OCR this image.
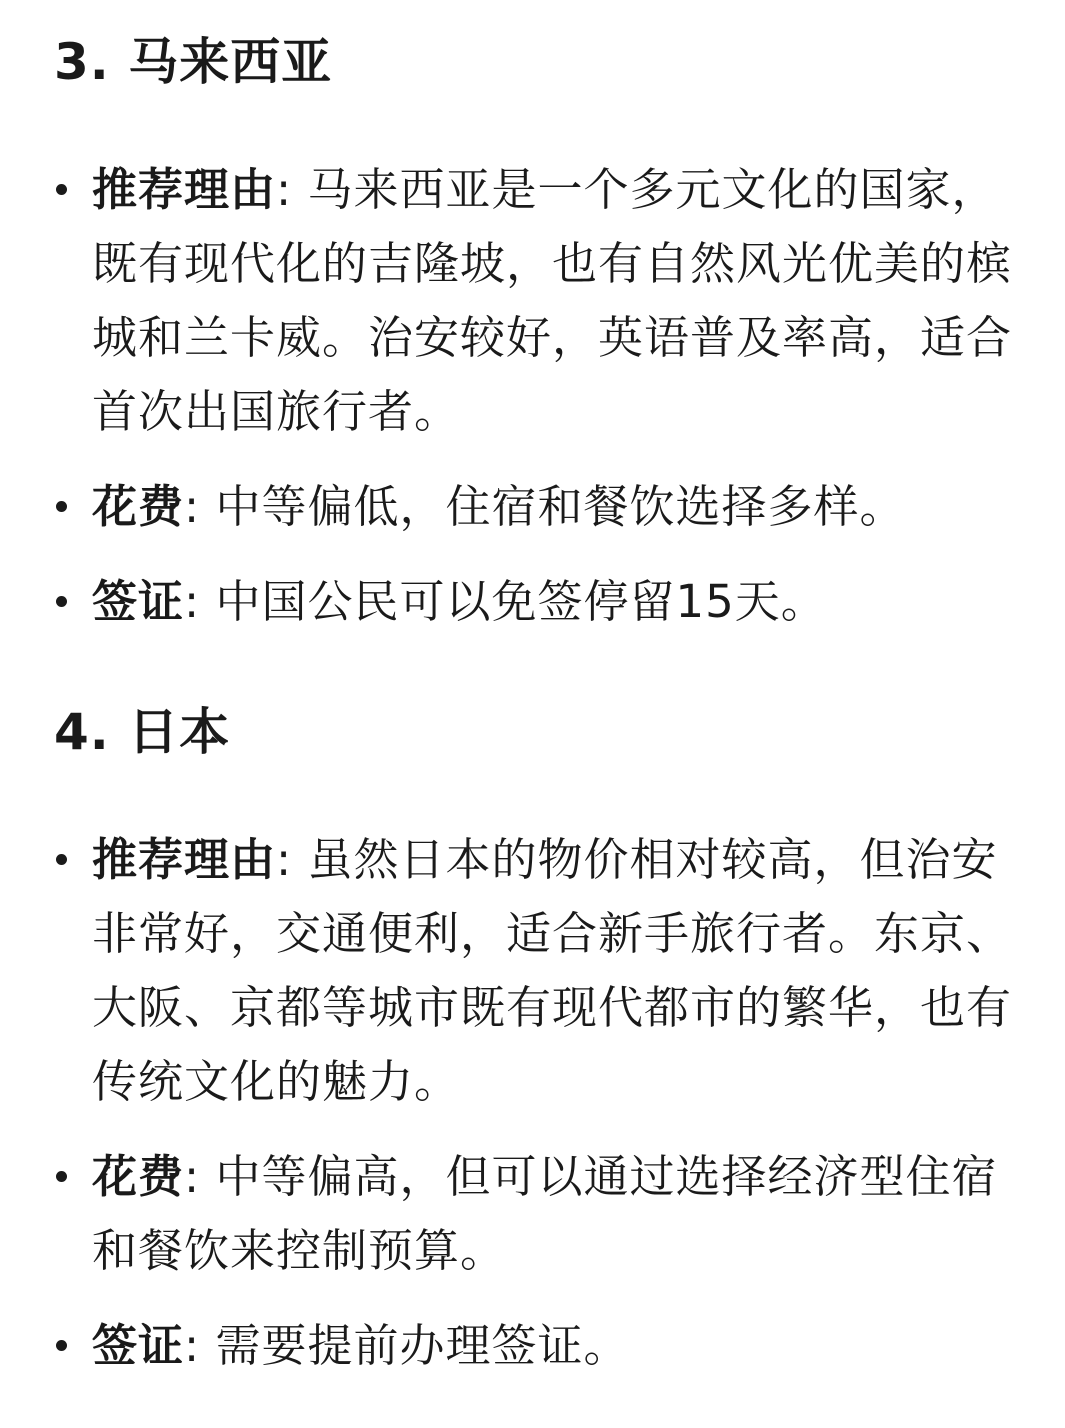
3. 马来西亚
推荐理由: 马来西亚是一个多元文化的国家，既有现代化的吉隆坡，也有自然风光优美的槟城和兰卡威。治安较好，英语普及率高，适合首次出国旅行者。
花费: 中等偏低，住宿和餐饮选择多样。
签证: 中国公民可以免签停留15天。
4. 日本
推荐理由: 虽然日本的物价相对较高，但治安非常好，交通便利，适合新手旅行者。东京、大阪、京都等城市既有现代都市的繁华，也有传统文化的魅力。
花费: 中等偏高，但可以通过选择经济型住宿和餐饮来控制预算。
签证: 需要提前办理签证。
